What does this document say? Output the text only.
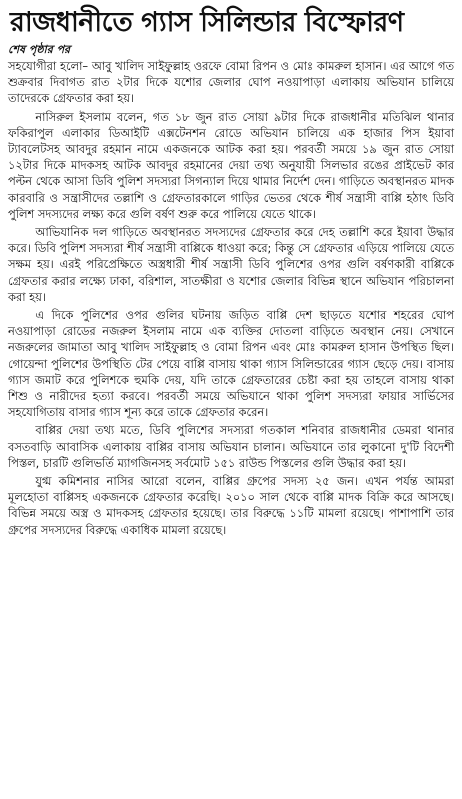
রাজধানীতে গ্যাস সিলিন্ডার বিস্ফোরণ
শেষ পৃষ্ঠার পর

সহযোগীরা হলো– আবু খালিদ সাইফুল্লাহ ওরফে বোমা রিপন ও মোঃ কামরুল হাসান। এর আগে গত শুক্রবার দিবাগত রাত ২টার দিকে যশোর জেলার ঘোপ নওয়াপাড়া এলাকায় অভিযান চালিয়ে তাদেরকে গ্রেফতার করা হয়।

নাসিরুল ইসলাম বলেন, গত ১৮ জুন রাত সোয়া ৯টার দিকে রাজধানীর মতিঝিল থানার ফকিরাপুল এলাকার ডিআইটি এক্সটেনশন রোডে অভিযান চালিয়ে এক হাজার পিস ইয়াবা ট্যাবলেটসহ আবদুর রহমান নামে একজনকে আটক করা হয়। পরবর্তী সময়ে ১৯ জুন রাত সোয়া ১২টার দিকে মাদকসহ আটক আবদুর রহমানের দেয়া তথ্য অনুযায়ী সিলভার রঙের প্রাইভেট কার পল্টন থেকে আসা ডিবি পুলিশ সদস্যরা সিগন্যাল দিয়ে থামার নির্দেশ দেন। গাড়িতে অবস্থানরত মাদক কারবারি ও সন্ত্রাসীদের তল্লাশি ও গ্রেফতারকালে গাড়ির ভেতর থেকে শীর্ষ সন্ত্রাসী বাপ্পি হঠাৎ ডিবি পুলিশ সদস্যদের লক্ষ্য করে গুলি বর্ষণ শুরু করে পালিয়ে যেতে থাকে।

আভিযানিক দল গাড়িতে অবস্থানরত সদস্যদের গ্রেফতার করে দেহ তল্লাশি করে ইয়াবা উদ্ধার করে। ডিবি পুলিশ সদস্যরা শীর্ষ সন্ত্রাসী বাপ্পিকে ধাওয়া করে; কিন্তু সে গ্রেফতার এড়িয়ে পালিয়ে যেতে সক্ষম হয়। এরই পরিপ্রেক্ষিতে অস্ত্রধারী শীর্ষ সন্ত্রাসী ডিবি পুলিশের ওপর গুলি বর্ষণকারী বাপ্পিকে গ্রেফতার করার লক্ষ্যে ঢাকা, বরিশাল, সাতক্ষীরা ও যশোর জেলার বিভিন্ন স্থানে অভিযান পরিচালনা করা হয়।

এ দিকে পুলিশের ওপর গুলির ঘটনায় জড়িত বাপ্পি দেশ ছাড়তে যশোর শহরের ঘোপ নওয়াপাড়া রোডের নজরুল ইসলাম নামে এক ব্যক্তির দোতলা বাড়িতে অবস্থান নেয়। সেখানে নজরুলের জামাতা আবু খালিদ সাইফুল্লাহ ও বোমা রিপন এবং মোঃ কামরুল হাসান উপস্থিত ছিল। গোয়েন্দা পুলিশের উপস্থিতি টের পেয়ে বাপ্পি বাসায় থাকা গ্যাস সিলিন্ডারের গ্যাস ছেড়ে দেয়। বাসায় গ্যাস জমাট করে পুলিশকে হুমকি দেয়, যদি তাকে গ্রেফতারের চেষ্টা করা হয় তাহলে বাসায় থাকা শিশু ও নারীদের হত্যা করবে। পরবর্তী সময়ে অভিযানে থাকা পুলিশ সদস্যরা ফায়ার সার্ভিসের সহযোগিতায় বাসার গ্যাস শূন্য করে তাকে গ্রেফতার করেন।

বাপ্পির দেয়া তথ্য মতে, ডিবি পুলিশের সদস্যরা গতকাল শনিবার রাজধানীর ডেমরা থানার বসতবাড়ি আবাসিক এলাকায় বাপ্পির বাসায় অভিযান চালান। অভিযানে তার লুকানো দু'টি বিদেশী পিস্তল, চারটি গুলিভর্তি ম্যাগজিনসহ সর্বমোট ১৫১ রাউন্ড পিস্তলের গুলি উদ্ধার করা হয়।

যুগ্ম কমিশনার নাসির আরো বলেন, বাপ্পির গ্রুপের সদস্য ২৫ জন। এখন পর্যন্ত আমরা মূলহোতা বাপ্পিসহ একজনকে গ্রেফতার করেছি। ২০১০ সাল থেকে বাপ্পি মাদক বিক্রি করে আসছে। বিভিন্ন সময়ে অস্ত্র ও মাদকসহ গ্রেফতার হয়েছে। তার বিরুদ্ধে ১১টি মামলা রয়েছে। পাশাপাশি তার গ্রুপের সদস্যদের বিরুদ্ধে একাধিক মামলা রয়েছে।
